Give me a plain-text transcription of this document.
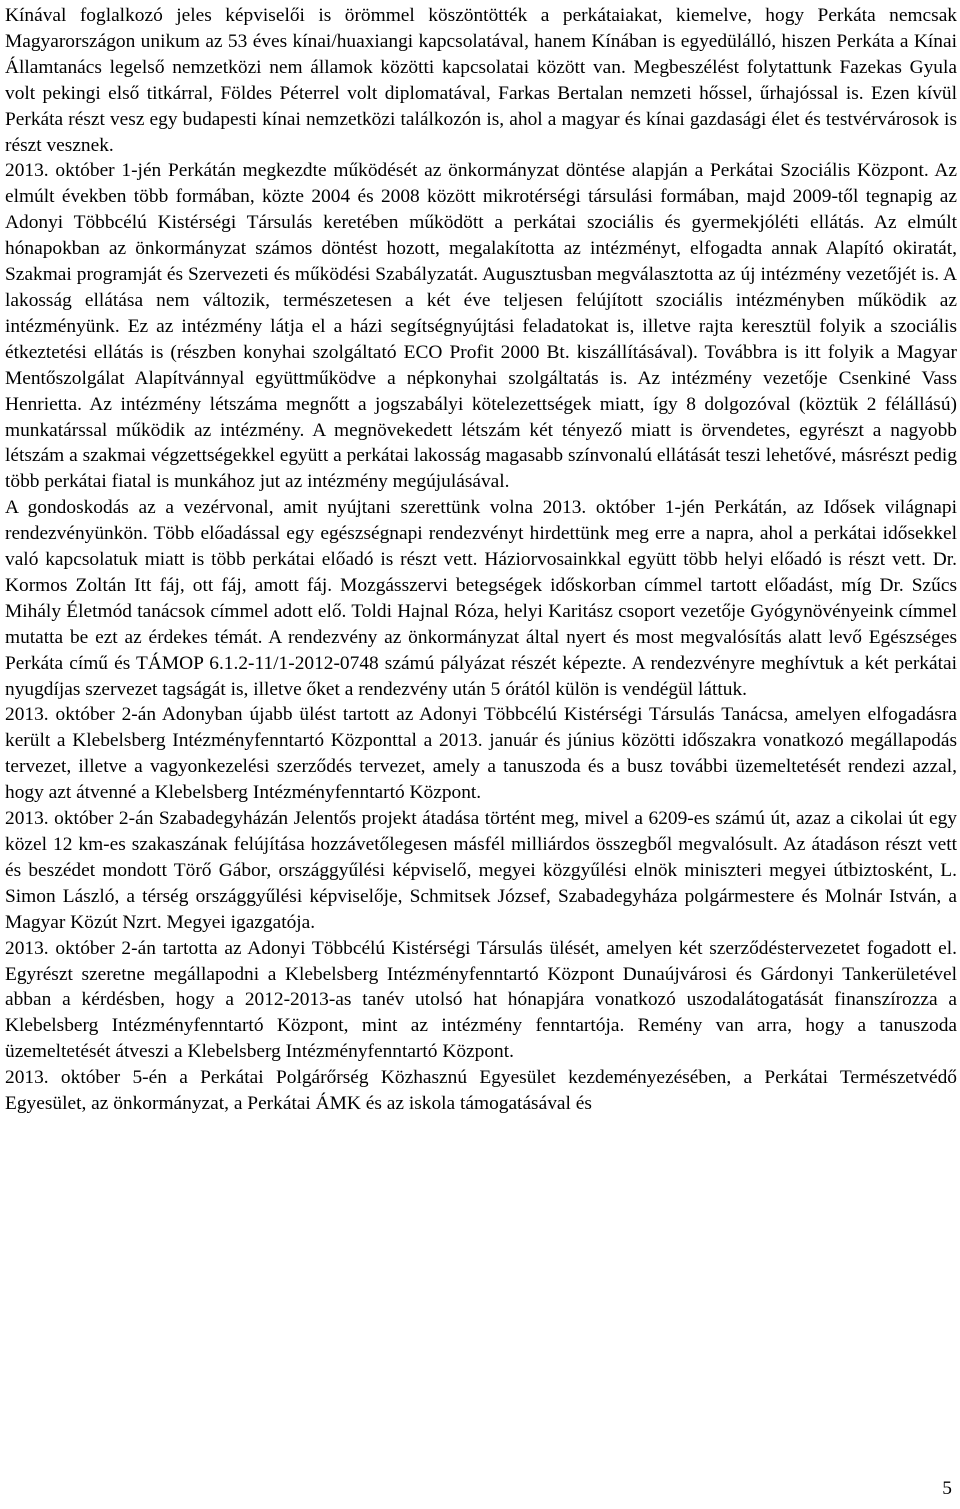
Kínával foglalkozó jeles képviselői is örömmel köszöntötték a perkátaiakat, kiemelve, hogy Perkáta nemcsak Magyarországon unikum az 53 éves kínai/huaxiangi kapcsolatával, hanem Kínában is egyedülálló, hiszen Perkáta a Kínai Államtanács legelső nemzetközi nem államok közötti kapcsolatai között van. Megbeszélést folytattunk Fazekas Gyula volt pekingi első titkárral, Földes Péterrel volt diplomatával, Farkas Bertalan nemzeti hőssel, űrhajóssal is. Ezen kívül Perkáta részt vesz egy budapesti kínai nemzetközi találkozón is, ahol a magyar és kínai gazdasági élet és testvérvárosok is részt vesznek.

2013. október 1-jén Perkátán megkezdte működését az önkormányzat döntése alapján a Perkátai Szociális Központ. Az elmúlt években több formában, közte 2004 és 2008 között mikrotérségi társulási formában, majd 2009-től tegnapig az Adonyi Többcélú Kistérségi Társulás keretében működött a perkátai szociális és gyermekjóléti ellátás. Az elmúlt hónapokban az önkormányzat számos döntést hozott, megalakította az intézményt, elfogadta annak Alapító okiratát, Szakmai programját és Szervezeti és működési Szabályzatát. Augusztusban megválasztotta az új intézmény vezetőjét is. A lakosság ellátása nem változik, természetesen a két éve teljesen felújított szociális intézményben működik az intézményünk. Ez az intézmény látja el a házi segítségnyújtási feladatokat is, illetve rajta keresztül folyik a szociális étkeztetési ellátás is (részben konyhai szolgáltató ECO Profit 2000 Bt. kiszállításával). Továbbra is itt folyik a Magyar Mentőszolgálat Alapítvánnyal együttműködve a népkonyhai szolgáltatás is. Az intézmény vezetője Csenkiné Vass Henrietta. Az intézmény létszáma megnőtt a jogszabályi kötelezettségek miatt, így 8 dolgozóval (köztük 2 félállású) munkatárssal működik az intézmény. A megnövekedett létszám két tényező miatt is örvendetes, egyrészt a nagyobb létszám a szakmai végzettségekkel együtt a perkátai lakosság magasabb színvonalú ellátását teszi lehetővé, másrészt pedig több perkátai fiatal is munkához jut az intézmény megújulásával.

A gondoskodás az a vezérvonal, amit nyújtani szerettünk volna 2013. október 1-jén Perkátán, az Idősek világnapi rendezvényünkön. Több előadással egy egészségnapi rendezvényt hirdettünk meg erre a napra, ahol a perkátai idősekkel való kapcsolatuk miatt is több perkátai előadó is részt vett. Háziorvosainkkal együtt több helyi előadó is részt vett. Dr. Kormos Zoltán Itt fáj, ott fáj, amott fáj. Mozgásszervi betegségek időskorban címmel tartott előadást, míg Dr. Szűcs Mihály Életmód tanácsok címmel adott elő. Toldi Hajnal Róza, helyi Karitász csoport vezetője Gyógynövényeink címmel mutatta be ezt az érdekes témát. A rendezvény az önkormányzat által nyert és most megvalósítás alatt levő Egészséges Perkáta című és TÁMOP 6.1.2-11/1-2012-0748 számú pályázat részét képezte. A rendezvényre meghívtuk a két perkátai nyugdíjas szervezet tagságát is, illetve őket a rendezvény után 5 órától külön is vendégül láttuk.

2013. október 2-án Adonyban újabb ülést tartott az Adonyi Többcélú Kistérségi Társulás Tanácsa, amelyen elfogadásra került a Klebelsberg Intézményfenntartó Központtal a 2013. január és június közötti időszakra vonatkozó megállapodás tervezet, illetve a vagyonkezelési szerződés tervezet, amely a tanuszoda és a busz további üzemeltetését rendezi azzal, hogy azt átvenné a Klebelsberg Intézményfenntartó Központ.

2013. október 2-án Szabadegyházán Jelentős projekt átadása történt meg, mivel a 6209-es számú út, azaz a cikolai út egy közel 12 km-es szakaszának felújítása hozzávetőlegesen másfél milliárdos összegből megvalósult. Az átadáson részt vett és beszédet mondott Törő Gábor, országgyűlési képviselő, megyei közgyűlési elnök miniszteri megyei útbiztosként, L. Simon László, a térség országgyűlési képviselője, Schmitsek József, Szabadegyháza polgármestere és Molnár István, a Magyar Közút Nzrt. Megyei igazgatója.

2013. október 2-án tartotta az Adonyi Többcélú Kistérségi Társulás ülését, amelyen két szerződéstervezetet fogadott el. Egyrészt szeretne megállapodni a Klebelsberg Intézményfenntartó Központ Dunaújvárosi és Gárdonyi Tankerületével abban a kérdésben, hogy a 2012-2013-as tanév utolsó hat hónapjára vonatkozó uszodalátogatását finanszírozza a Klebelsberg Intézményfenntartó Központ, mint az intézmény fenntartója. Remény van arra, hogy a tanuszoda üzemeltetését átveszi a Klebelsberg Intézményfenntartó Központ.

2013. október 5-én a Perkátai Polgárőrség Közhasznú Egyesület kezdeményezésében, a Perkátai Természetvédő Egyesület, az önkormányzat, a Perkátai ÁMK és az iskola támogatásával és

5
